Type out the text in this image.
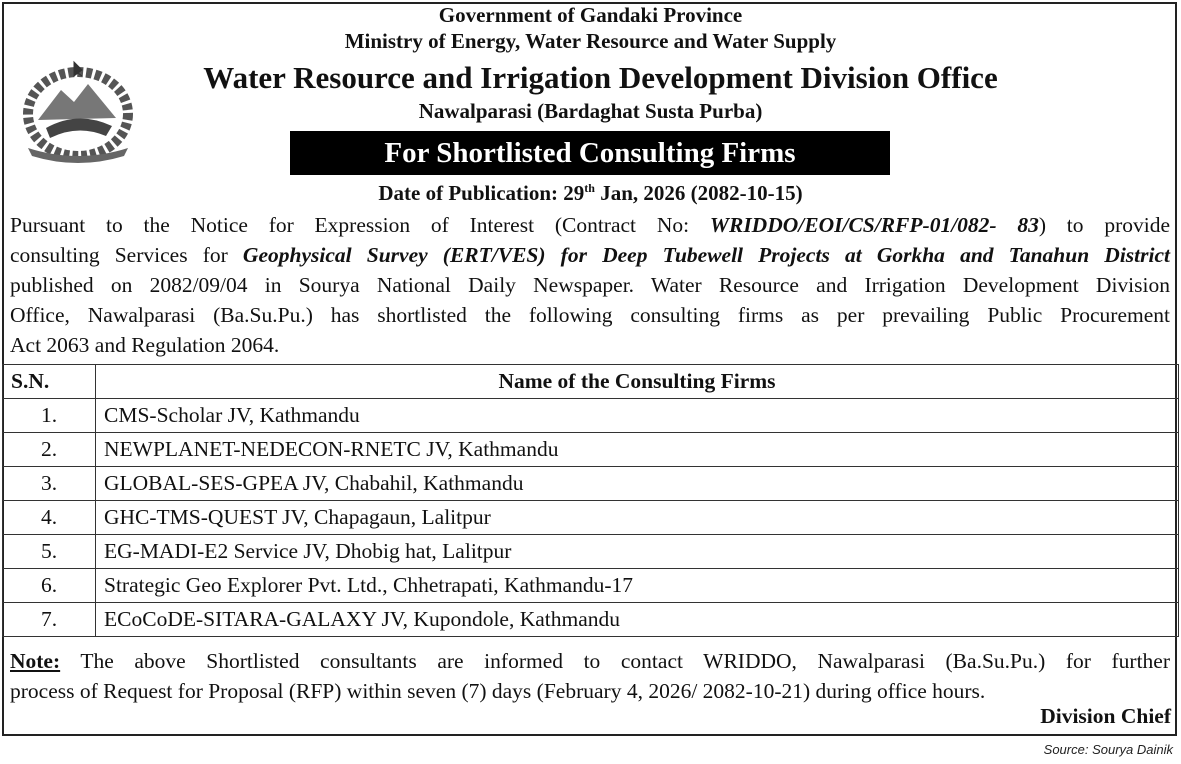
Government of Gandaki Province
Ministry of Energy, Water Resource and Water Supply
Water Resource and Irrigation Development Division Office
Nawalparasi (Bardaghat Susta Purba)
For Shortlisted Consulting Firms
Date of Publication: 29th Jan, 2026 (2082-10-15)
Pursuant to the Notice for Expression of Interest (Contract No: WRIDDO/EOI/CS/RFP-01/082- 83) to provide
consulting Services for Geophysical Survey (ERT/VES) for Deep Tubewell Projects at Gorkha and Tanahun District
published on 2082/09/04 in Sourya National Daily Newspaper. Water Resource and Irrigation Development Division
Office, Nawalparasi (Ba.Su.Pu.) has shortlisted the following consulting firms as per prevailing Public Procurement
Act 2063 and Regulation 2064.
S.N.	Name of the Consulting Firms
1.	CMS-Scholar JV, Kathmandu
2.	NEWPLANET-NEDECON-RNETC JV, Kathmandu
3.	GLOBAL-SES-GPEA JV, Chabahil, Kathmandu
4.	GHC-TMS-QUEST JV, Chapagaun, Lalitpur
5.	EG-MADI-E2 Service JV, Dhobig hat, Lalitpur
6.	Strategic Geo Explorer Pvt. Ltd., Chhetrapati, Kathmandu-17
7.	ECoCoDE-SITARA-GALAXY JV, Kupondole, Kathmandu
Note: The above Shortlisted consultants are informed to contact WRIDDO, Nawalparasi (Ba.Su.Pu.) for further
process of Request for Proposal (RFP) within seven (7) days (February 4, 2026/ 2082-10-21) during office hours.
Division Chief
Source: Sourya Dainik
